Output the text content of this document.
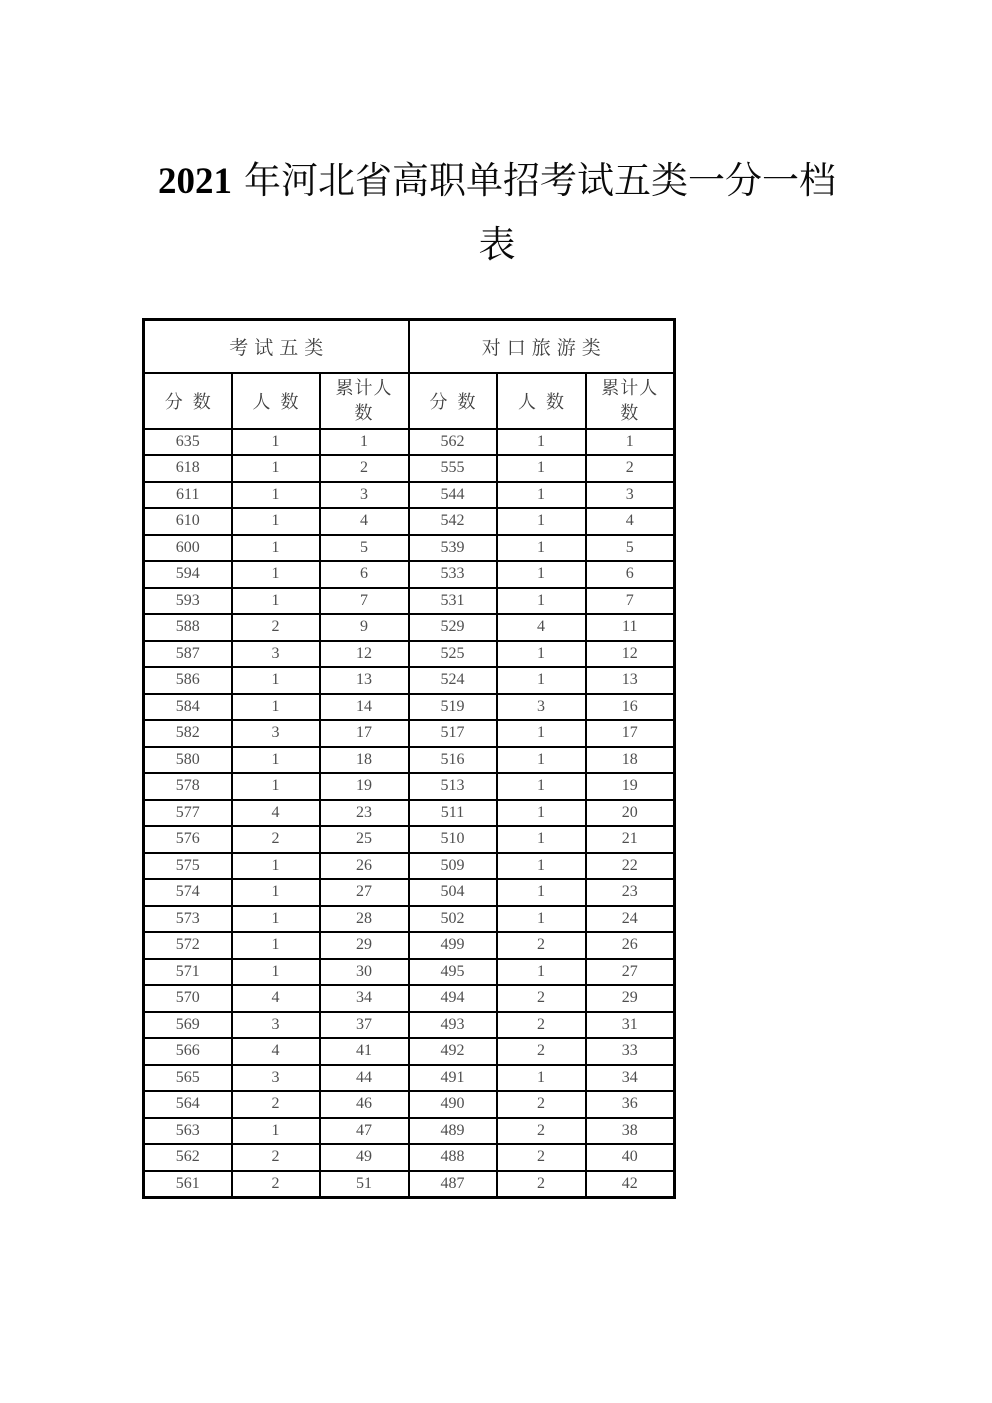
2021 年河北省高职单招考试五类一分一档
表
考试五类			对口旅游类		
分数	人数	累计人数	分数	人数	累计人数
635	1	1	562	1	1
618	1	2	555	1	2
611	1	3	544	1	3
610	1	4	542	1	4
600	1	5	539	1	5
594	1	6	533	1	6
593	1	7	531	1	7
588	2	9	529	4	11
587	3	12	525	1	12
586	1	13	524	1	13
584	1	14	519	3	16
582	3	17	517	1	17
580	1	18	516	1	18
578	1	19	513	1	19
577	4	23	511	1	20
576	2	25	510	1	21
575	1	26	509	1	22
574	1	27	504	1	23
573	1	28	502	1	24
572	1	29	499	2	26
571	1	30	495	1	27
570	4	34	494	2	29
569	3	37	493	2	31
566	4	41	492	2	33
565	3	44	491	1	34
564	2	46	490	2	36
563	1	47	489	2	38
562	2	49	488	2	40
561	2	51	487	2	42
